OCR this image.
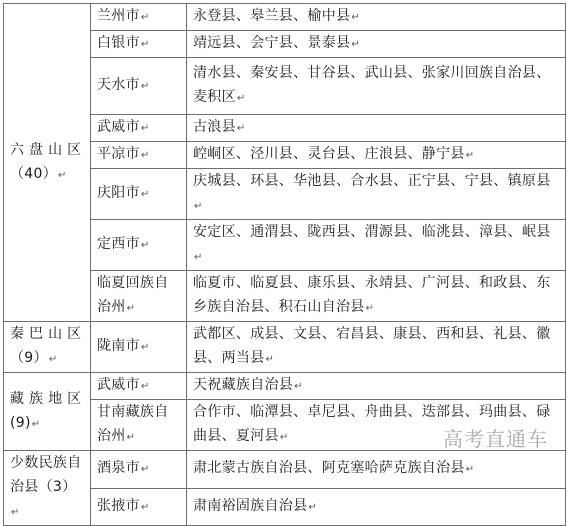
六 盘 山 区
（40）↵	兰州市↵	永登县、皋兰县、榆中县↵
	白银市↵	靖远县、会宁县、景泰县↵
	天水市↵	清水县、秦安县、甘谷县、武山县、张家川回族自治县、麦积区↵
	武威市↵	古浪县↵
	平凉市↵	崆峒区、泾川县、灵台县、庄浪县、静宁县↵
	庆阳市↵	庆城县、环县、华池县、合水县、正宁县、宁县、镇原县↵
	定西市↵	安定区、通渭县、陇西县、渭源县、临洮县、漳县、岷县↵
	临夏回族自治州↵	临夏市、临夏县、康乐县、永靖县、广河县、和政县、东乡族自治县、积石山自治县↵
秦 巴 山 区
（9）↵	陇南市↵	武都区、成县、文县、宕昌县、康县、西和县、礼县、徽县、两当县↵
藏 族 地 区
(9)↵	武威市↵	天祝藏族自治县↵
	甘南藏族自治州↵	合作市、临潭县、卓尼县、舟曲县、迭部县、玛曲县、碌曲县、夏河县↵
少数民族自
治县（3）↵	酒泉市↵	肃北蒙古族自治县、阿克塞哈萨克族自治县↵
	张掖市↵	肃南裕固族自治县↵
高考直通车
